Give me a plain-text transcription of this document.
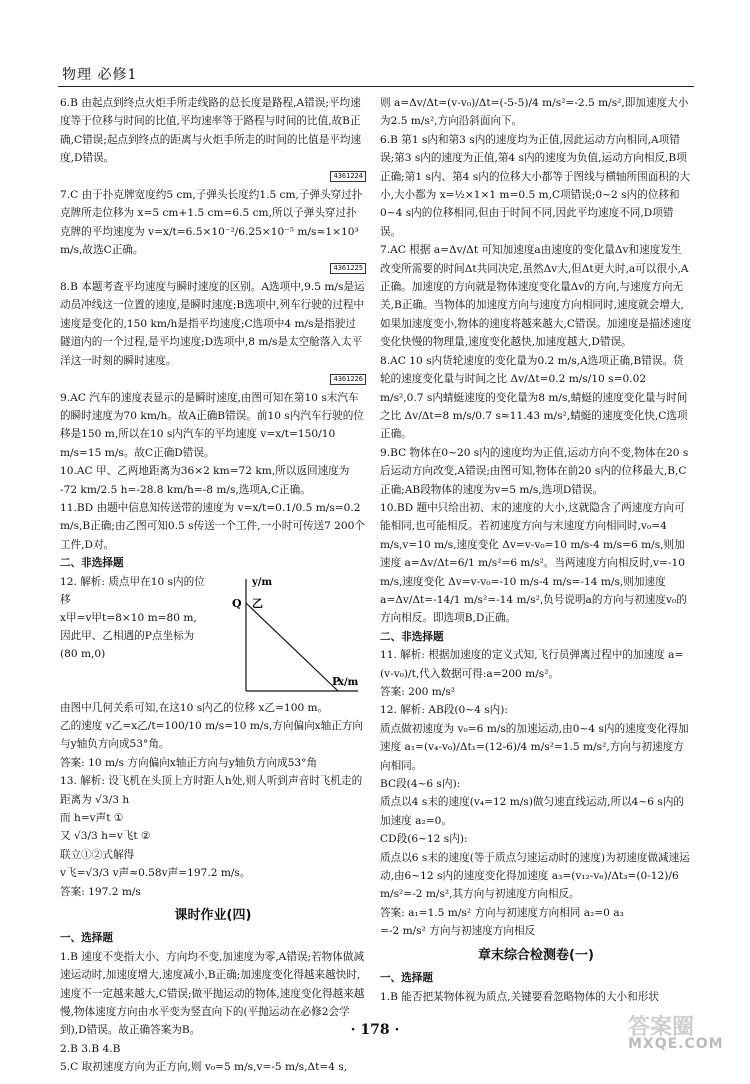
物理 必修1

6.B 由起点到终点火炬手所走线路的总长度是路程,A错误;平均速度等于位移与时间的比值,平均速率等于路程与时间的比值,故B正确,C错误;起点到终点的距离与火炬手所走的时间的比值是平均速度,D错误。

4361224

7.C 由于扑克牌宽度约5 cm,子弹头长度约1.5 cm,子弹头穿过扑克牌所走位移为 x=5 cm+1.5 cm=6.5 cm,所以子弹头穿过扑克牌的平均速度为 v=x/t=6.5×10⁻²/6.25×10⁻⁵ m/s≈1×10³ m/s,故选C正确。

4361225

8.B 本题考查平均速度与瞬时速度的区别。A选项中,9.5 m/s是运动员冲线这一位置的速度,是瞬时速度;B选项中,列车行驶的过程中速度是变化的,150 km/h是指平均速度;C选项中4 m/s是指驶过隧道内的一个过程,是平均速度;D选项中,8 m/s是太空舱落入太平洋这一时刻的瞬时速度。

4361226

9.AC 汽车的速度表显示的是瞬时速度,由图可知在第10 s末汽车的瞬时速度为70 km/h。故A正确B错误。前10 s内汽车行驶的位移是150 m,所以在10 s内汽车的平均速度 v=x/t=150/10 m/s=15 m/s。故C正确D错误。

10.AC 甲、乙两地距离为36×2 km=72 km,所以返回速度为 -72 km/2.5 h=-28.8 km/h=-8 m/s,选项A,C正确。

11.BD 由题中信息知传送带的速度为 v=x/t=0.1/0.5 m/s=0.2 m/s,B正确;由乙图可知0.5 s传送一个工件,一小时可传送7 200个工件,D对。

二、非选择题

12. 解析: 质点甲在10 s内的位移

x甲=v甲t=8×10 m=80 m,

因此甲、乙相遇的P点坐标为(80 m,0)

y/m
x/m
Q 乙
P

由图中几何关系可知,在这10 s内乙的位移 x乙=100 m。

乙的速度 v乙=x乙/t=100/10 m/s=10 m/s,方向偏向x轴正方向与y轴负方向成53°角。

答案: 10 m/s 方向偏向x轴正方向与y轴负方向成53°角

13. 解析: 设飞机在头顶上方时距人h处,则人听到声音时飞机走的距离为 √3/3 h

而 h=v声t ①

又 √3/3 h=v飞t ②

联立①②式解得

v飞=√3/3 v声≈0.58v声=197.2 m/s。

答案: 197.2 m/s

课时作业(四)

一、选择题

1.B 速度不变指大小、方向均不变,加速度为零,A错误;若物体做减速运动时,加速度增大,速度减小,B正确;加速度变化得越来越快时,速度不一定越来越大,C错误;做平抛运动的物体,速度变化得越来越慢,物体速度方向由水平变为竖直向下的(平抛运动在必修2会学到),D错误。故正确答案为B。

2.B 3.B 4.B

5.C 取初速度方向为正方向,则 v₀=5 m/s,v=-5 m/s,Δt=4 s,

则 a=Δv/Δt=(v-v₀)/Δt=(-5-5)/4 m/s²=-2.5 m/s²,即加速度大小为2.5 m/s²,方向沿斜面向下。

6.B 第1 s内和第3 s内的速度均为正值,因此运动方向相同,A项错误;第3 s内的速度为正值,第4 s内的速度为负值,运动方向相反,B项正确;第1 s内、第4 s内的位移大小都等于图线与横轴所围面积的大小,大小都为 x=½×1×1 m=0.5 m,C项错误;0~2 s内的位移和0~4 s内的位移相同,但由于时间不同,因此平均速度不同,D项错误。

7.AC 根据 a=Δv/Δt 可知加速度a由速度的变化量Δv和速度发生改变所需要的时间Δt共同决定,虽然Δv大,但Δt更大时,a可以很小,A正确。加速度的方向就是物体速度变化量Δv的方向,与速度方向无关,B正确。当物体的加速度方向与速度方向相同时,速度就会增大,如果加速度变小,物体的速度将越来越大,C错误。加速度是描述速度变化快慢的物理量,速度变化越快,加速度越大,D错误。

8.AC 10 s内货轮速度的变化量为0.2 m/s,A选项正确,B错误。货轮的速度变化量与时间之比 Δv/Δt=0.2 m/s/10 s=0.02 m/s²,0.7 s内蜻蜓速度的变化量为8 m/s,蜻蜓的速度变化量与时间之比 Δv/Δt=8 m/s/0.7 s≈11.43 m/s²,蜻蜓的速度变化快,C选项正确。

9.BC 物体在0~20 s内的速度均为正值,运动方向不变,物体在20 s后运动方向改变,A错误;由图可知,物体在前20 s内的位移最大,B,C正确;AB段物体的速度为v=5 m/s,选项D错误。

10.BD 题中只给出初、末的速度的大小,这就隐含了两速度方向可能相同,也可能相反。若初速度方向与末速度方向相同时,v₀=4 m/s,v=10 m/s,速度变化 Δv=v-v₀=10 m/s-4 m/s=6 m/s,则加速度 a=Δv/Δt=6/1 m/s²=6 m/s²。当两速度方向相反时,v=-10 m/s,速度变化 Δv=v-v₀=-10 m/s-4 m/s=-14 m/s,则加速度 a=Δv/Δt=-14/1 m/s²=-14 m/s²,负号说明a的方向与初速度v₀的方向相反。即选项B,D正确。

二、非选择题

11. 解析: 根据加速度的定义式知,飞行员弹离过程中的加速度 a=(v-v₀)/t,代入数据可得:a=200 m/s²。

答案: 200 m/s²

12. 解析: AB段(0~4 s内):

质点做初速度为 v₀=6 m/s的加速运动,由0~4 s内的速度变化得加速度 a₁=(v₄-v₀)/Δt₁=(12-6)/4 m/s²=1.5 m/s²,方向与初速度方向相同。

BC段(4~6 s内):

质点以4 s末的速度(v₄=12 m/s)做匀速直线运动,所以4~6 s内的加速度 a₂=0。

CD段(6~12 s内):

质点以6 s末的速度(等于质点匀速运动时的速度)为初速度做减速运动,由6~12 s内的速度变化得加速度 a₃=(v₁₂-v₆)/Δt₃=(0-12)/6 m/s²=-2 m/s²,其方向与初速度方向相反。

答案: a₁=1.5 m/s² 方向与初速度方向相同 a₂=0 a₃

=-2 m/s² 方向与初速度方向相反

章末综合检测卷(一)

一、选择题

1.B 能否把某物体视为质点,关键要看忽略物体的大小和形状

· 178 ·	答案圈
MXQE.COM
